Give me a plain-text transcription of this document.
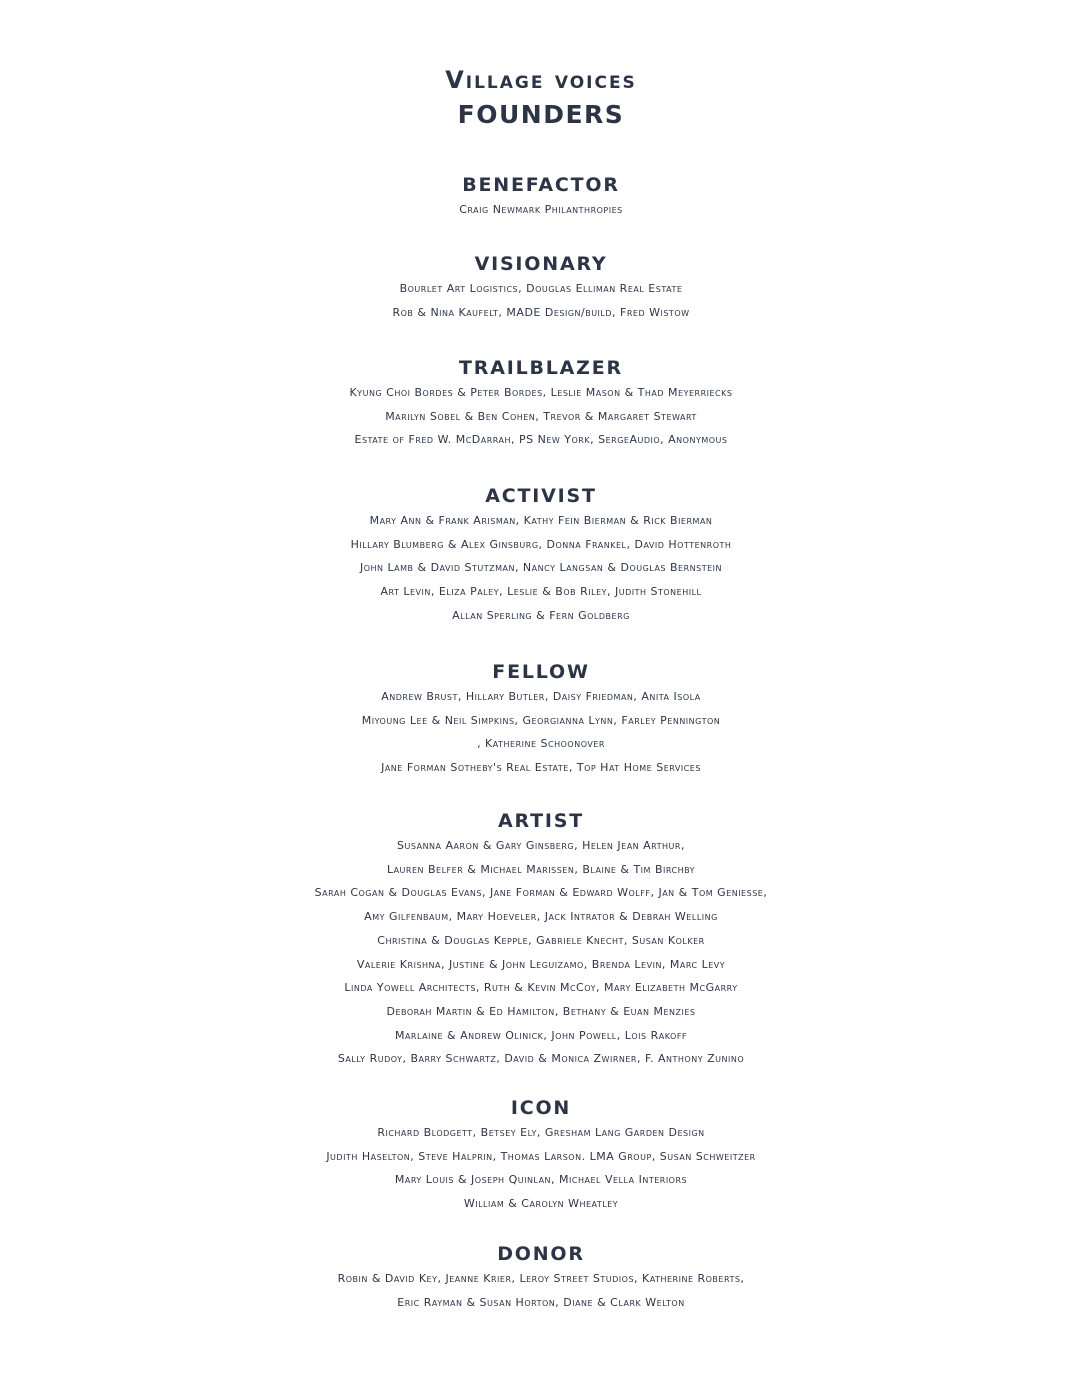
Village voices
FOUNDERS
BENEFACTOR
Craig Newmark Philanthropies
VISIONARY
Bourlet Art Logistics, Douglas Elliman Real Estate
Rob & Nina Kaufelt, MADE Design/build, Fred Wistow
TRAILBLAZER
Kyung Choi Bordes & Peter Bordes, Leslie Mason & Thad Meyerriecks
Marilyn Sobel & Ben Cohen, Trevor & Margaret Stewart
Estate of Fred W. McDarrah, PS New York, SergeAudio, Anonymous
ACTIVIST
Mary Ann & Frank Arisman, Kathy Fein Bierman & Rick Bierman
Hillary Blumberg & Alex Ginsburg, Donna Frankel, David Hottenroth
John Lamb & David Stutzman, Nancy Langsan & Douglas Bernstein
Art Levin, Eliza Paley, Leslie & Bob Riley, Judith Stonehill
Allan Sperling & Fern Goldberg
FELLOW
Andrew Brust, Hillary Butler, Daisy Friedman, Anita Isola
Miyoung Lee & Neil Simpkins, Georgianna Lynn, Farley Pennington
, Katherine Schoonover
Jane Forman Sotheby's Real Estate, Top Hat Home Services
ARTIST
Susanna Aaron & Gary Ginsberg, Helen Jean Arthur,
Lauren Belfer & Michael Marissen, Blaine & Tim Birchby
Sarah Cogan & Douglas Evans, Jane Forman & Edward Wolff, Jan & Tom Geniesse,
Amy Gilfenbaum, Mary Hoeveler, Jack Intrator & Debrah Welling
Christina & Douglas Kepple, Gabriele Knecht, Susan Kolker
Valerie Krishna, Justine & John Leguizamo, Brenda Levin, Marc Levy
Linda Yowell Architects, Ruth & Kevin McCoy, Mary Elizabeth McGarry
Deborah Martin & Ed Hamilton, Bethany & Euan Menzies
Marlaine & Andrew Olinick, John Powell, Lois Rakoff
Sally Rudoy, Barry Schwartz, David & Monica Zwirner, F. Anthony Zunino
ICON
Richard Blodgett, Betsey Ely, Gresham Lang Garden Design
Judith Haselton, Steve Halprin, Thomas Larson. LMA Group, Susan Schweitzer
Mary Louis & Joseph Quinlan, Michael Vella Interiors
William & Carolyn Wheatley
DONOR
Robin & David Key, Jeanne Krier, Leroy Street Studios, Katherine Roberts,
Eric Rayman & Susan Horton, Diane & Clark Welton
